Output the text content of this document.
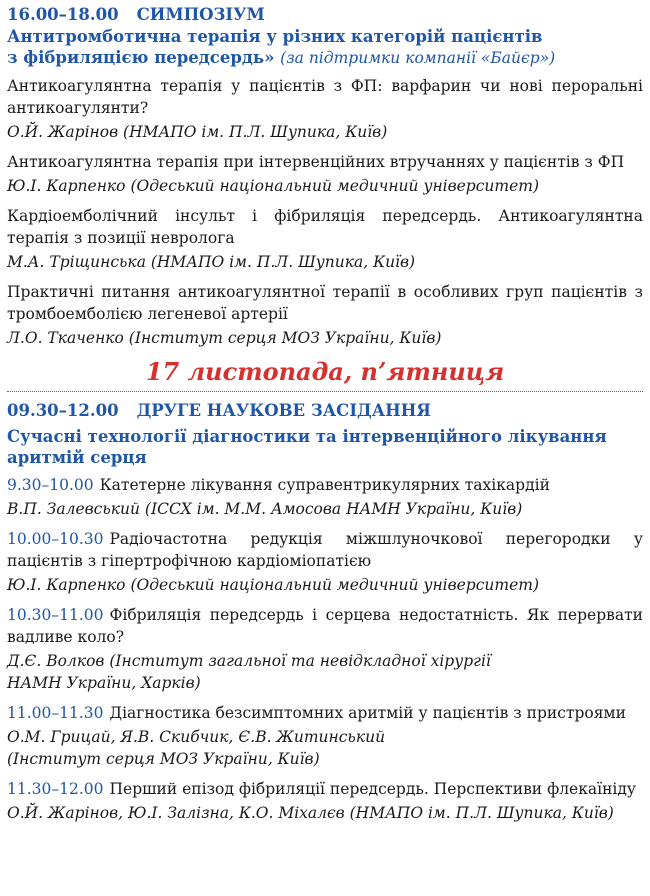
16.00–18.00 СИМПОЗІУМ
Антитромботична терапія у різних категорій пацієнтів
з фібриляцією передсердь» (за підтримки компанії «Байєр»)

Антикоагулянтна терапія у пацієнтів з ФП: варфарин чи нові пероральні антикоагулянти?

О.Й. Жарінов (НМАПО ім. П.Л. Шупика, Київ)

Антикоагулянтна терапія при інтервенційних втручаннях у пацієнтів з ФП

Ю.І. Карпенко (Одеський національний медичний університет)

Кардіоемболічний інсульт і фібриляція передсердь. Антикоагулянтна терапія з позиції невролога

М.А. Тріщинська (НМАПО ім. П.Л. Шупика, Київ)

Практичні питання антикоагулянтної терапії в особливих груп пацієнтів з тромбоемболією легеневої артерії

Л.О. Ткаченко (Інститут серця МОЗ України, Київ)

17 листопада, п’ятниця
09.30–12.00 ДРУГЕ НАУКОВЕ ЗАСІДАННЯ
Сучасні технології діагностики та інтервенційного лікування аритмій серця

9.30–10.00 Катетерне лікування суправентрикулярних тахікардій

В.П. Залевський (ІССХ ім. М.М. Амосова НАМН України, Київ)

10.00–10.30 Радіочастотна редукція міжшлуночкової перегородки у пацієнтів з гіпертрофічною кардіоміопатією

Ю.І. Карпенко (Одеський національний медичний університет)

10.30–11.00 Фібриляція передсердь і серцева недостатність. Як перервати вадливе коло?

Д.Є. Волков (Інститут загальної та невідкладної хірургії
НАМН України, Харків)

11.00–11.30 Діагностика безсимптомних аритмій у пацієнтів з пристроями

О.М. Грицай, Я.В. Скибчик, Є.В. Житинський
(Інститут серця МОЗ України, Київ)

11.30–12.00 Перший епізод фібриляції передсердь. Перспективи флекаїніду

О.Й. Жарінов, Ю.І. Залізна, К.О. Міхалєв (НМАПО ім. П.Л. Шупика, Київ)
